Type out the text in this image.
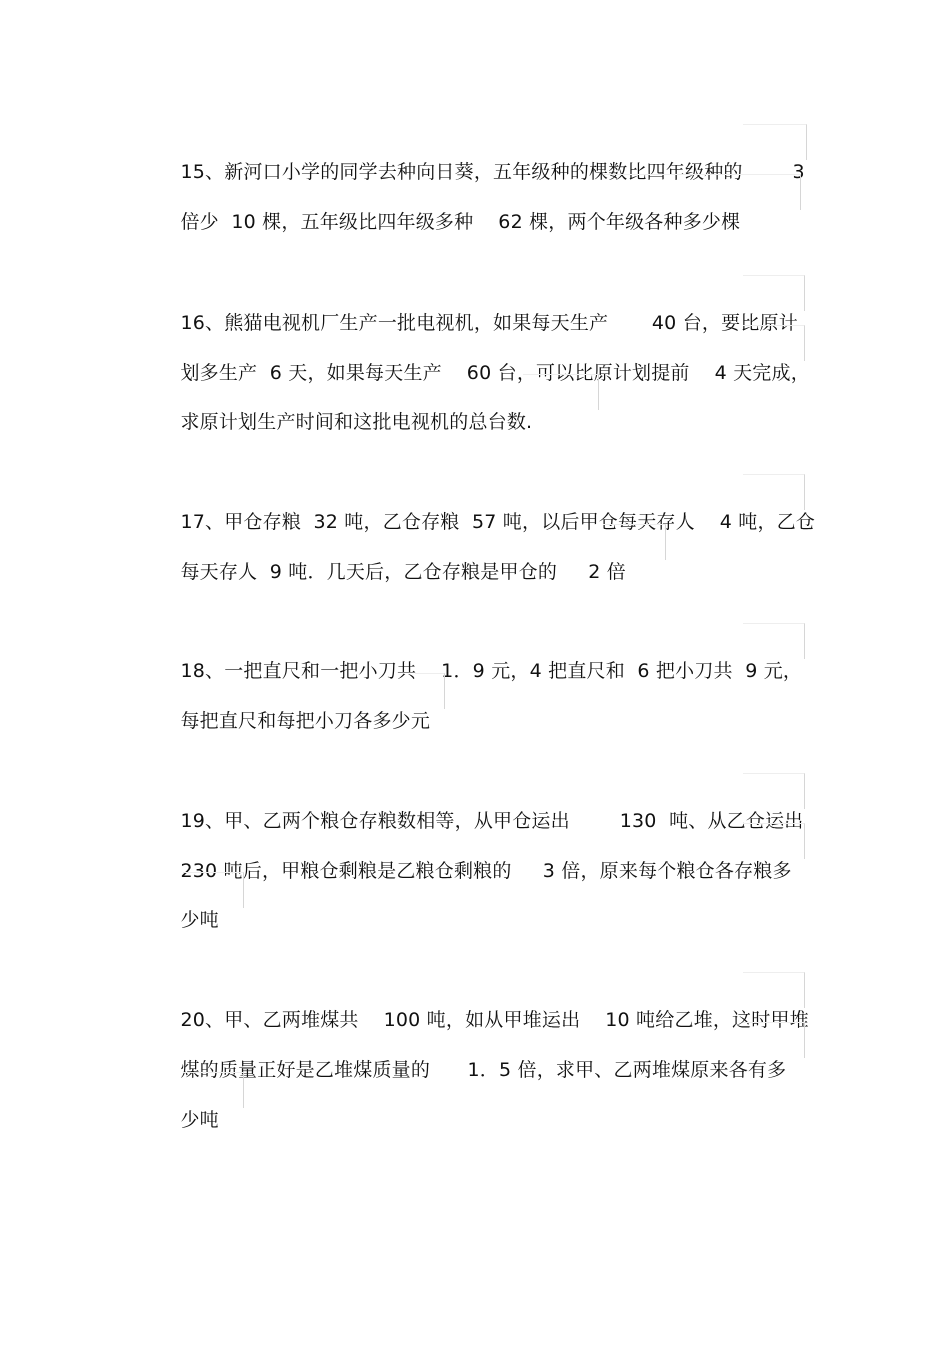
15、新河口小学的同学去种向日葵，五年级种的棵数比四年级种的        3

倍少  10 棵，五年级比四年级多种    62 棵，两个年级各种多少棵

16、熊猫电视机厂生产一批电视机，如果每天生产       40 台，要比原计

划多生产  6 天，如果每天生产    60 台，可以比原计划提前    4 天完成，

求原计划生产时间和这批电视机的总台数.

17、甲仓存粮  32 吨，乙仓存粮  57 吨，以后甲仓每天存人    4 吨，乙仓

每天存人  9 吨．几天后，乙仓存粮是甲仓的     2 倍

18、一把直尺和一把小刀共    1．9 元，4 把直尺和  6 把小刀共  9 元，

每把直尺和每把小刀各多少元

19、甲、乙两个粮仓存粮数相等，从甲仓运出        130  吨、从乙仓运出

230 吨后，甲粮仓剩粮是乙粮仓剩粮的     3 倍，原来每个粮仓各存粮多

少吨

20、甲、乙两堆煤共    100 吨，如从甲堆运出    10 吨给乙堆，这时甲堆

煤的质量正好是乙堆煤质量的      1．5 倍，求甲、乙两堆煤原来各有多

少吨
